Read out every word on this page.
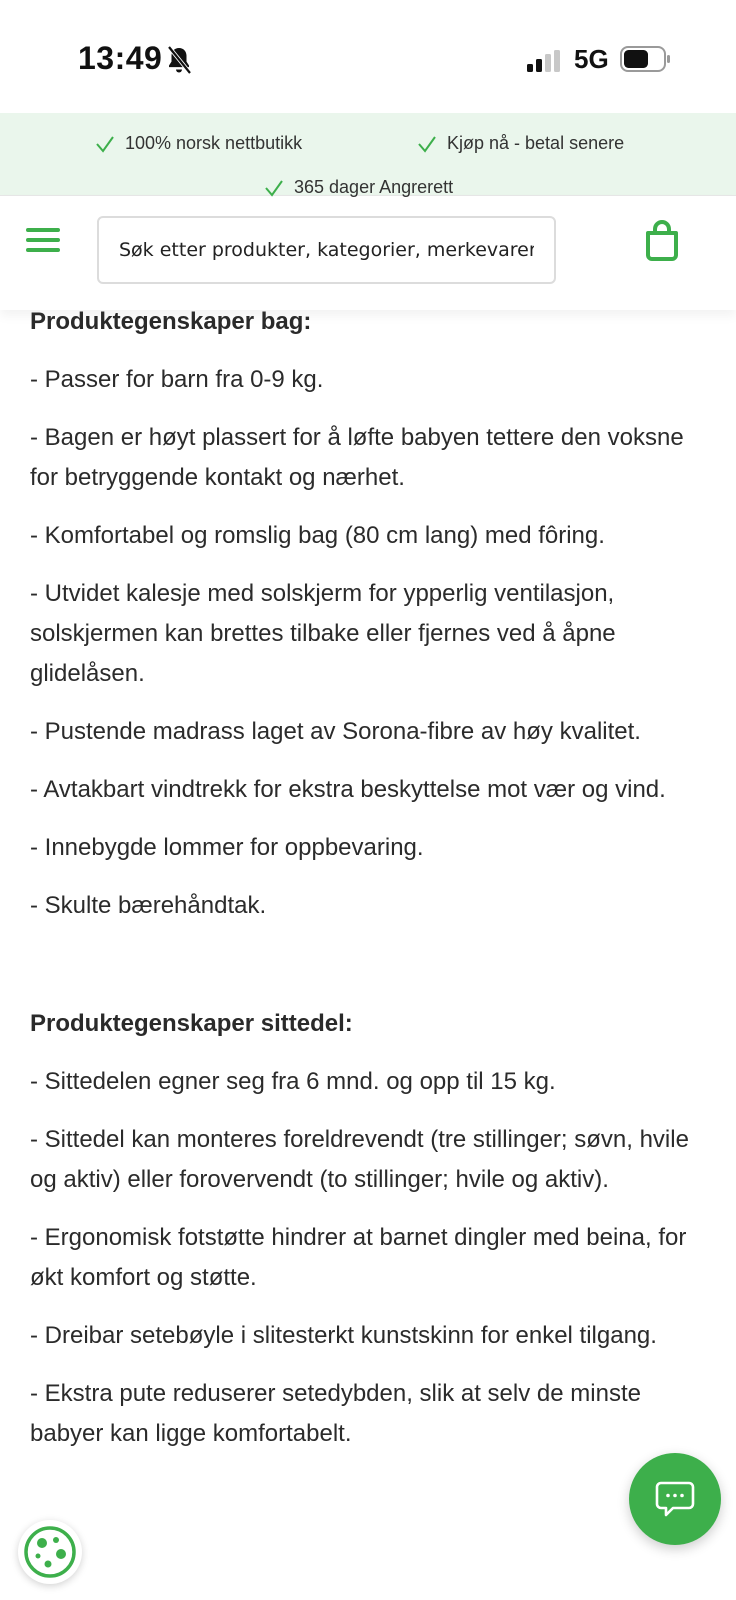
13:49	5G
100% norsk nettbutikk	Kjøp nå - betal senere
Søk etter produkter, kategorier, merkevarer
365 dager Angrerett
Produktegenskaper bag:

- Passer for barn fra 0-9 kg.

- Bagen er høyt plassert for å løfte babyen tettere den voksne for betryggende kontakt og nærhet.

- Komfortabel og romslig bag (80 cm lang) med fôring.

- Utvidet kalesje med solskjerm for ypperlig ventilasjon, solskjermen kan brettes tilbake eller fjernes ved å åpne glidelåsen.

- Pustende madrass laget av Sorona-fibre av høy kvalitet.

- Avtakbart vindtrekk for ekstra beskyttelse mot vær og vind.

- Innebygde lommer for oppbevaring.

- Skulte bærehåndtak.

Produktegenskaper sittedel:

- Sittedelen egner seg fra 6 mnd. og opp til 15 kg.

- Sittedel kan monteres foreldrevendt (tre stillinger; søvn, hvile og aktiv) eller forovervendt (to stillinger; hvile og aktiv).

- Ergonomisk fotstøtte hindrer at barnet dingler med beina, for økt komfort og støtte.

- Dreibar setebøyle i slitesterkt kunstskinn for enkel tilgang.

- Ekstra pute reduserer setedybden, slik at selv de minste babyer kan ligge komfortabelt.
